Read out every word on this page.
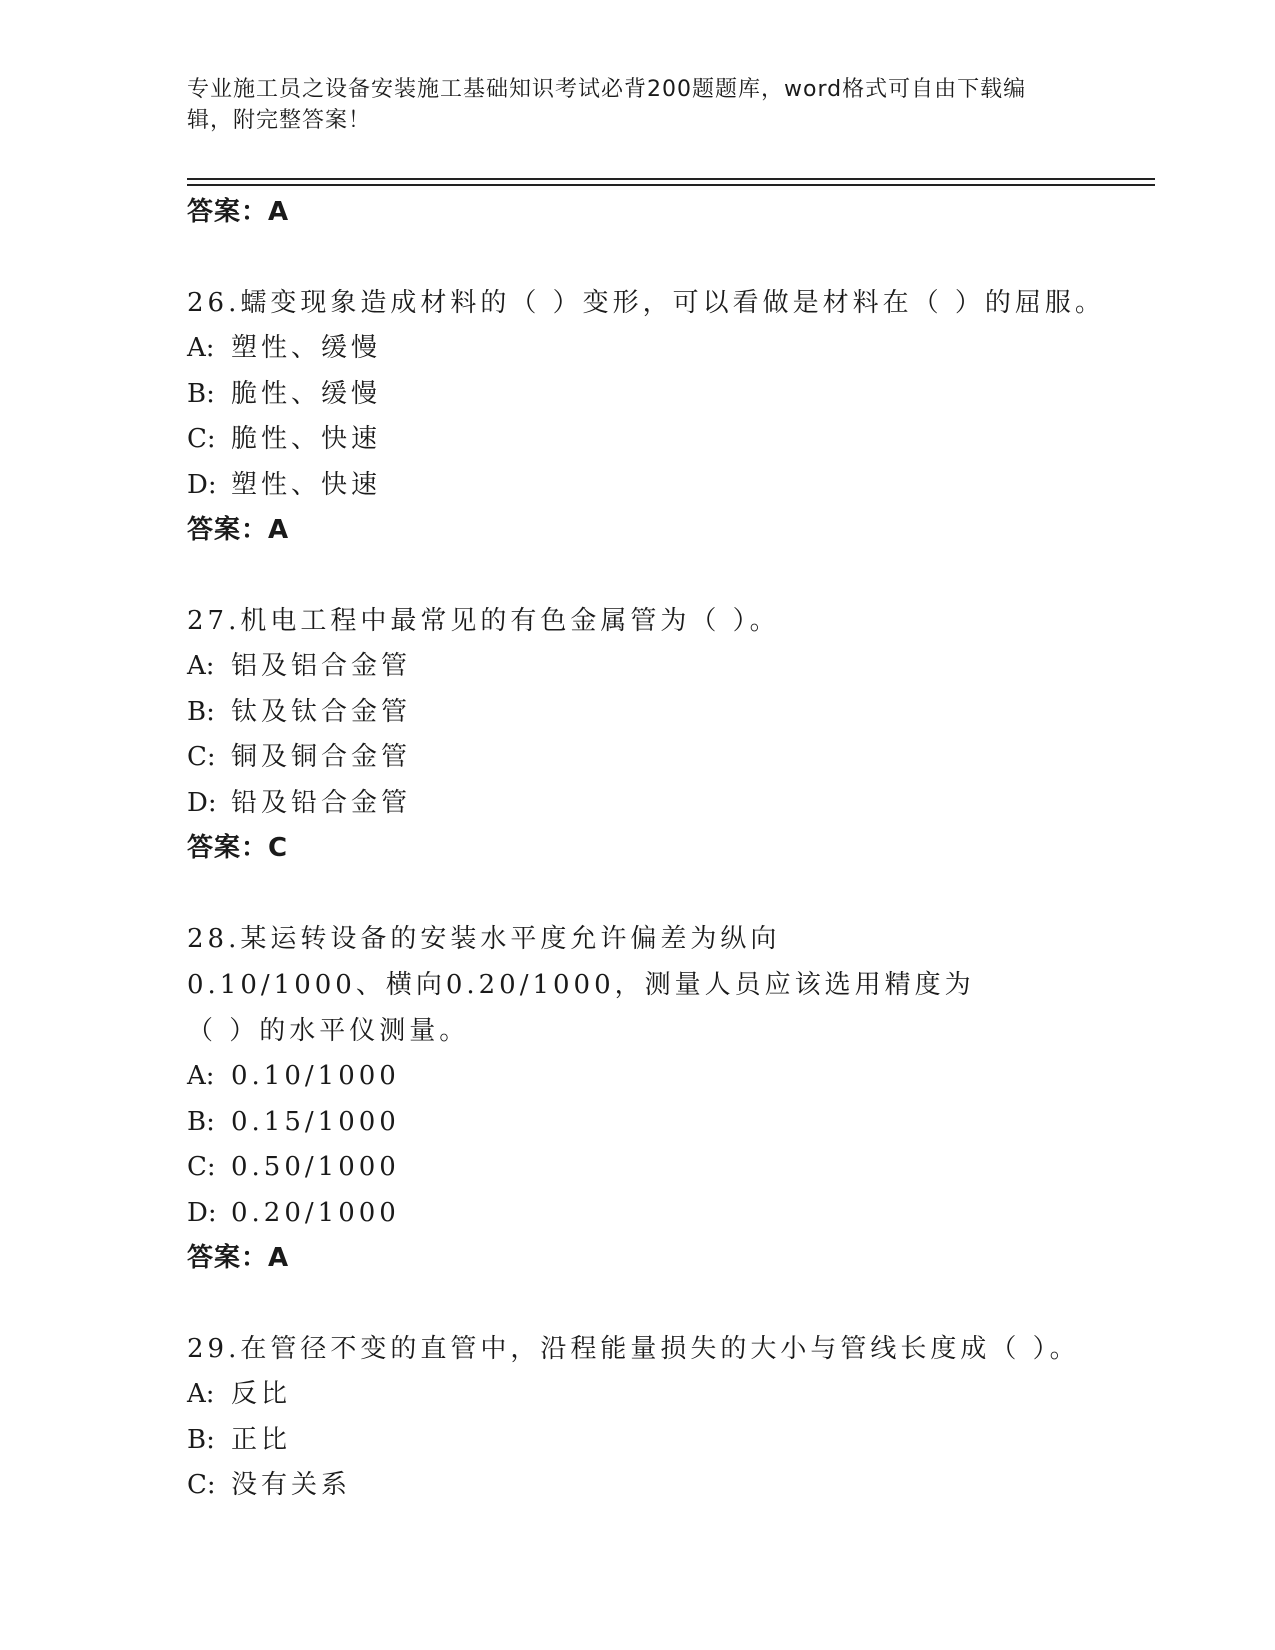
专业施工员之设备安装施工基础知识考试必背200题题库，word格式可自由下载编辑，附完整答案！
答案：A
26.蠕变现象造成材料的（ ）变形，可以看做是材料在（ ）的屈服。
A: 塑性、缓慢
B: 脆性、缓慢
C: 脆性、快速
D: 塑性、快速
答案：A
27.机电工程中最常见的有色金属管为（ ）。
A: 铝及铝合金管
B: 钛及钛合金管
C: 铜及铜合金管
D: 铅及铅合金管
答案：C
28.某运转设备的安装水平度允许偏差为纵向0.10/1000、横向0.20/1000，测量人员应该选用精度为（ ）的水平仪测量。
A: 0.10/1000
B: 0.15/1000
C: 0.50/1000
D: 0.20/1000
答案：A
29.在管径不变的直管中，沿程能量损失的大小与管线长度成（ ）。
A: 反比
B: 正比
C: 没有关系
